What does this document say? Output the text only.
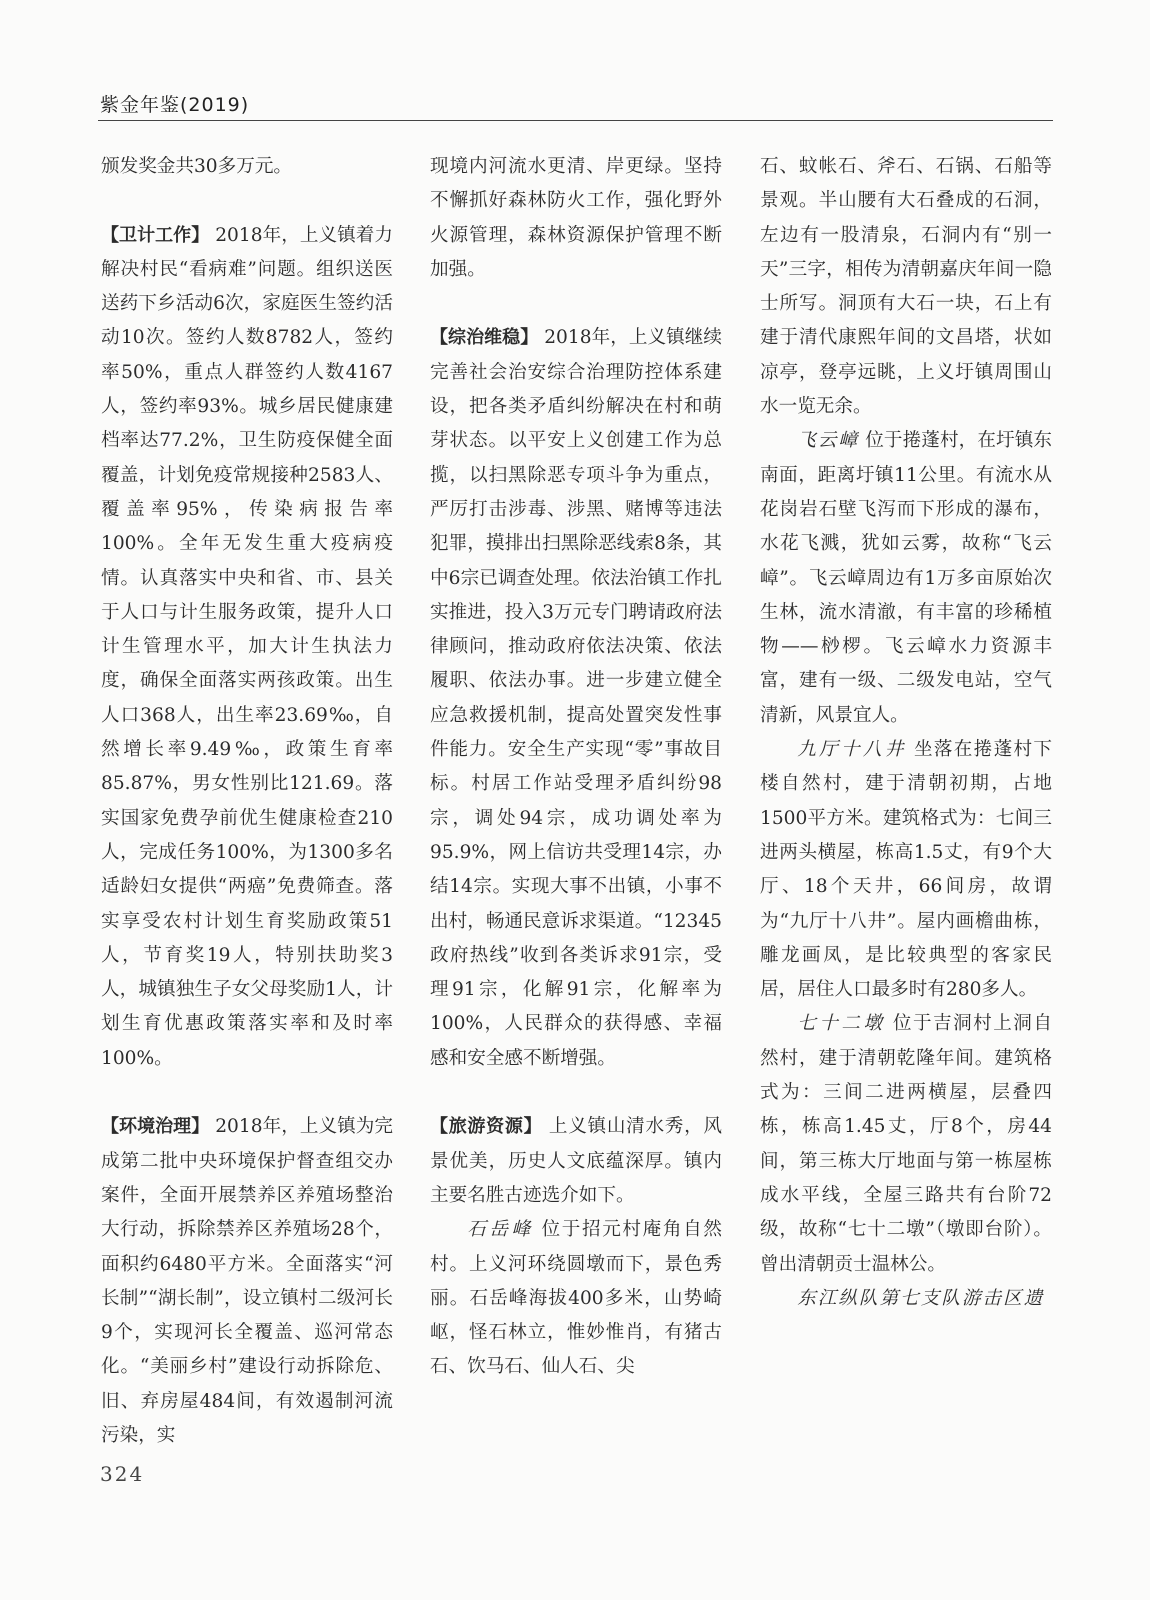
紫金年鉴(2019)

颁发奖金共30多万元。

【卫计工作】 2018年，上义镇着力解决村民“看病难”问题。组织送医送药下乡活动6次，家庭医生签约活动10次。签约人数8782人，签约率50%，重点人群签约人数4167人，签约率93%。城乡居民健康建档率达77.2%，卫生防疫保健全面覆盖，计划免疫常规接种2583人、覆盖率95%，传染病报告率100%。全年无发生重大疫病疫情。认真落实中央和省、市、县关于人口与计生服务政策，提升人口计生管理水平，加大计生执法力度，确保全面落实两孩政策。出生人口368人，出生率23.69‰，自然增长率9.49‰，政策生育率85.87%，男女性别比121.69。落实国家免费孕前优生健康检查210人，完成任务100%，为1300多名适龄妇女提供“两癌”免费筛查。落实享受农村计划生育奖励政策51人，节育奖19人，特别扶助奖3人，城镇独生子女父母奖励1人，计划生育优惠政策落实率和及时率100%。

【环境治理】 2018年，上义镇为完成第二批中央环境保护督查组交办案件，全面开展禁养区养殖场整治大行动，拆除禁养区养殖场28个，面积约6480平方米。全面落实“河长制”“湖长制”，设立镇村二级河长9个，实现河长全覆盖、巡河常态化。“美丽乡村”建设行动拆除危、旧、弃房屋484间，有效遏制河流污染，实

现境内河流水更清、岸更绿。坚持不懈抓好森林防火工作，强化野外火源管理，森林资源保护管理不断加强。

【综治维稳】 2018年，上义镇继续完善社会治安综合治理防控体系建设，把各类矛盾纠纷解决在村和萌芽状态。以平安上义创建工作为总揽，以扫黑除恶专项斗争为重点，严厉打击涉毒、涉黑、赌博等违法犯罪，摸排出扫黑除恶线索8条，其中6宗已调查处理。依法治镇工作扎实推进，投入3万元专门聘请政府法律顾问，推动政府依法决策、依法履职、依法办事。进一步建立健全应急救援机制，提高处置突发性事件能力。安全生产实现“零”事故目标。村居工作站受理矛盾纠纷98宗，调处94宗，成功调处率为95.9%，网上信访共受理14宗，办结14宗。实现大事不出镇，小事不出村，畅通民意诉求渠道。“12345政府热线”收到各类诉求91宗，受理91宗，化解91宗，化解率为100%，人民群众的获得感、幸福感和安全感不断增强。

【旅游资源】 上义镇山清水秀，风景优美，历史人文底蕴深厚。镇内主要名胜古迹选介如下。

石岳峰 位于招元村庵角自然村。上义河环绕圆墩而下，景色秀丽。石岳峰海拔400多米，山势崎岖，怪石林立，惟妙惟肖，有猪古石、饮马石、仙人石、尖

石、蚊帐石、斧石、石锅、石船等景观。半山腰有大石叠成的石洞，左边有一股清泉，石洞内有“别一天”三字，相传为清朝嘉庆年间一隐士所写。洞顶有大石一块，石上有建于清代康熙年间的文昌塔，状如凉亭，登亭远眺，上义圩镇周围山水一览无余。

飞云嶂 位于捲蓬村，在圩镇东南面，距离圩镇11公里。有流水从花岗岩石壁飞泻而下形成的瀑布，水花飞溅，犹如云雾，故称“飞云嶂”。飞云嶂周边有1万多亩原始次生林，流水清澈，有丰富的珍稀植物——桫椤。飞云嶂水力资源丰富，建有一级、二级发电站，空气清新，风景宜人。

九厅十八井 坐落在捲蓬村下楼自然村，建于清朝初期，占地1500平方米。建筑格式为：七间三进两头横屋，栋高1.5丈，有9个大厅、18个天井，66间房，故谓为“九厅十八井”。屋内画檐曲栋，雕龙画凤，是比较典型的客家民居，居住人口最多时有280多人。

七十二墩 位于吉洞村上洞自然村，建于清朝乾隆年间。建筑格式为：三间二进两横屋，层叠四栋，栋高1.45丈，厅8个，房44间，第三栋大厅地面与第一栋屋栋成水平线，全屋三路共有台阶72级，故称“七十二墩”（墩即台阶）。曾出清朝贡士温林公。

东江纵队第七支队游击区遗

324
